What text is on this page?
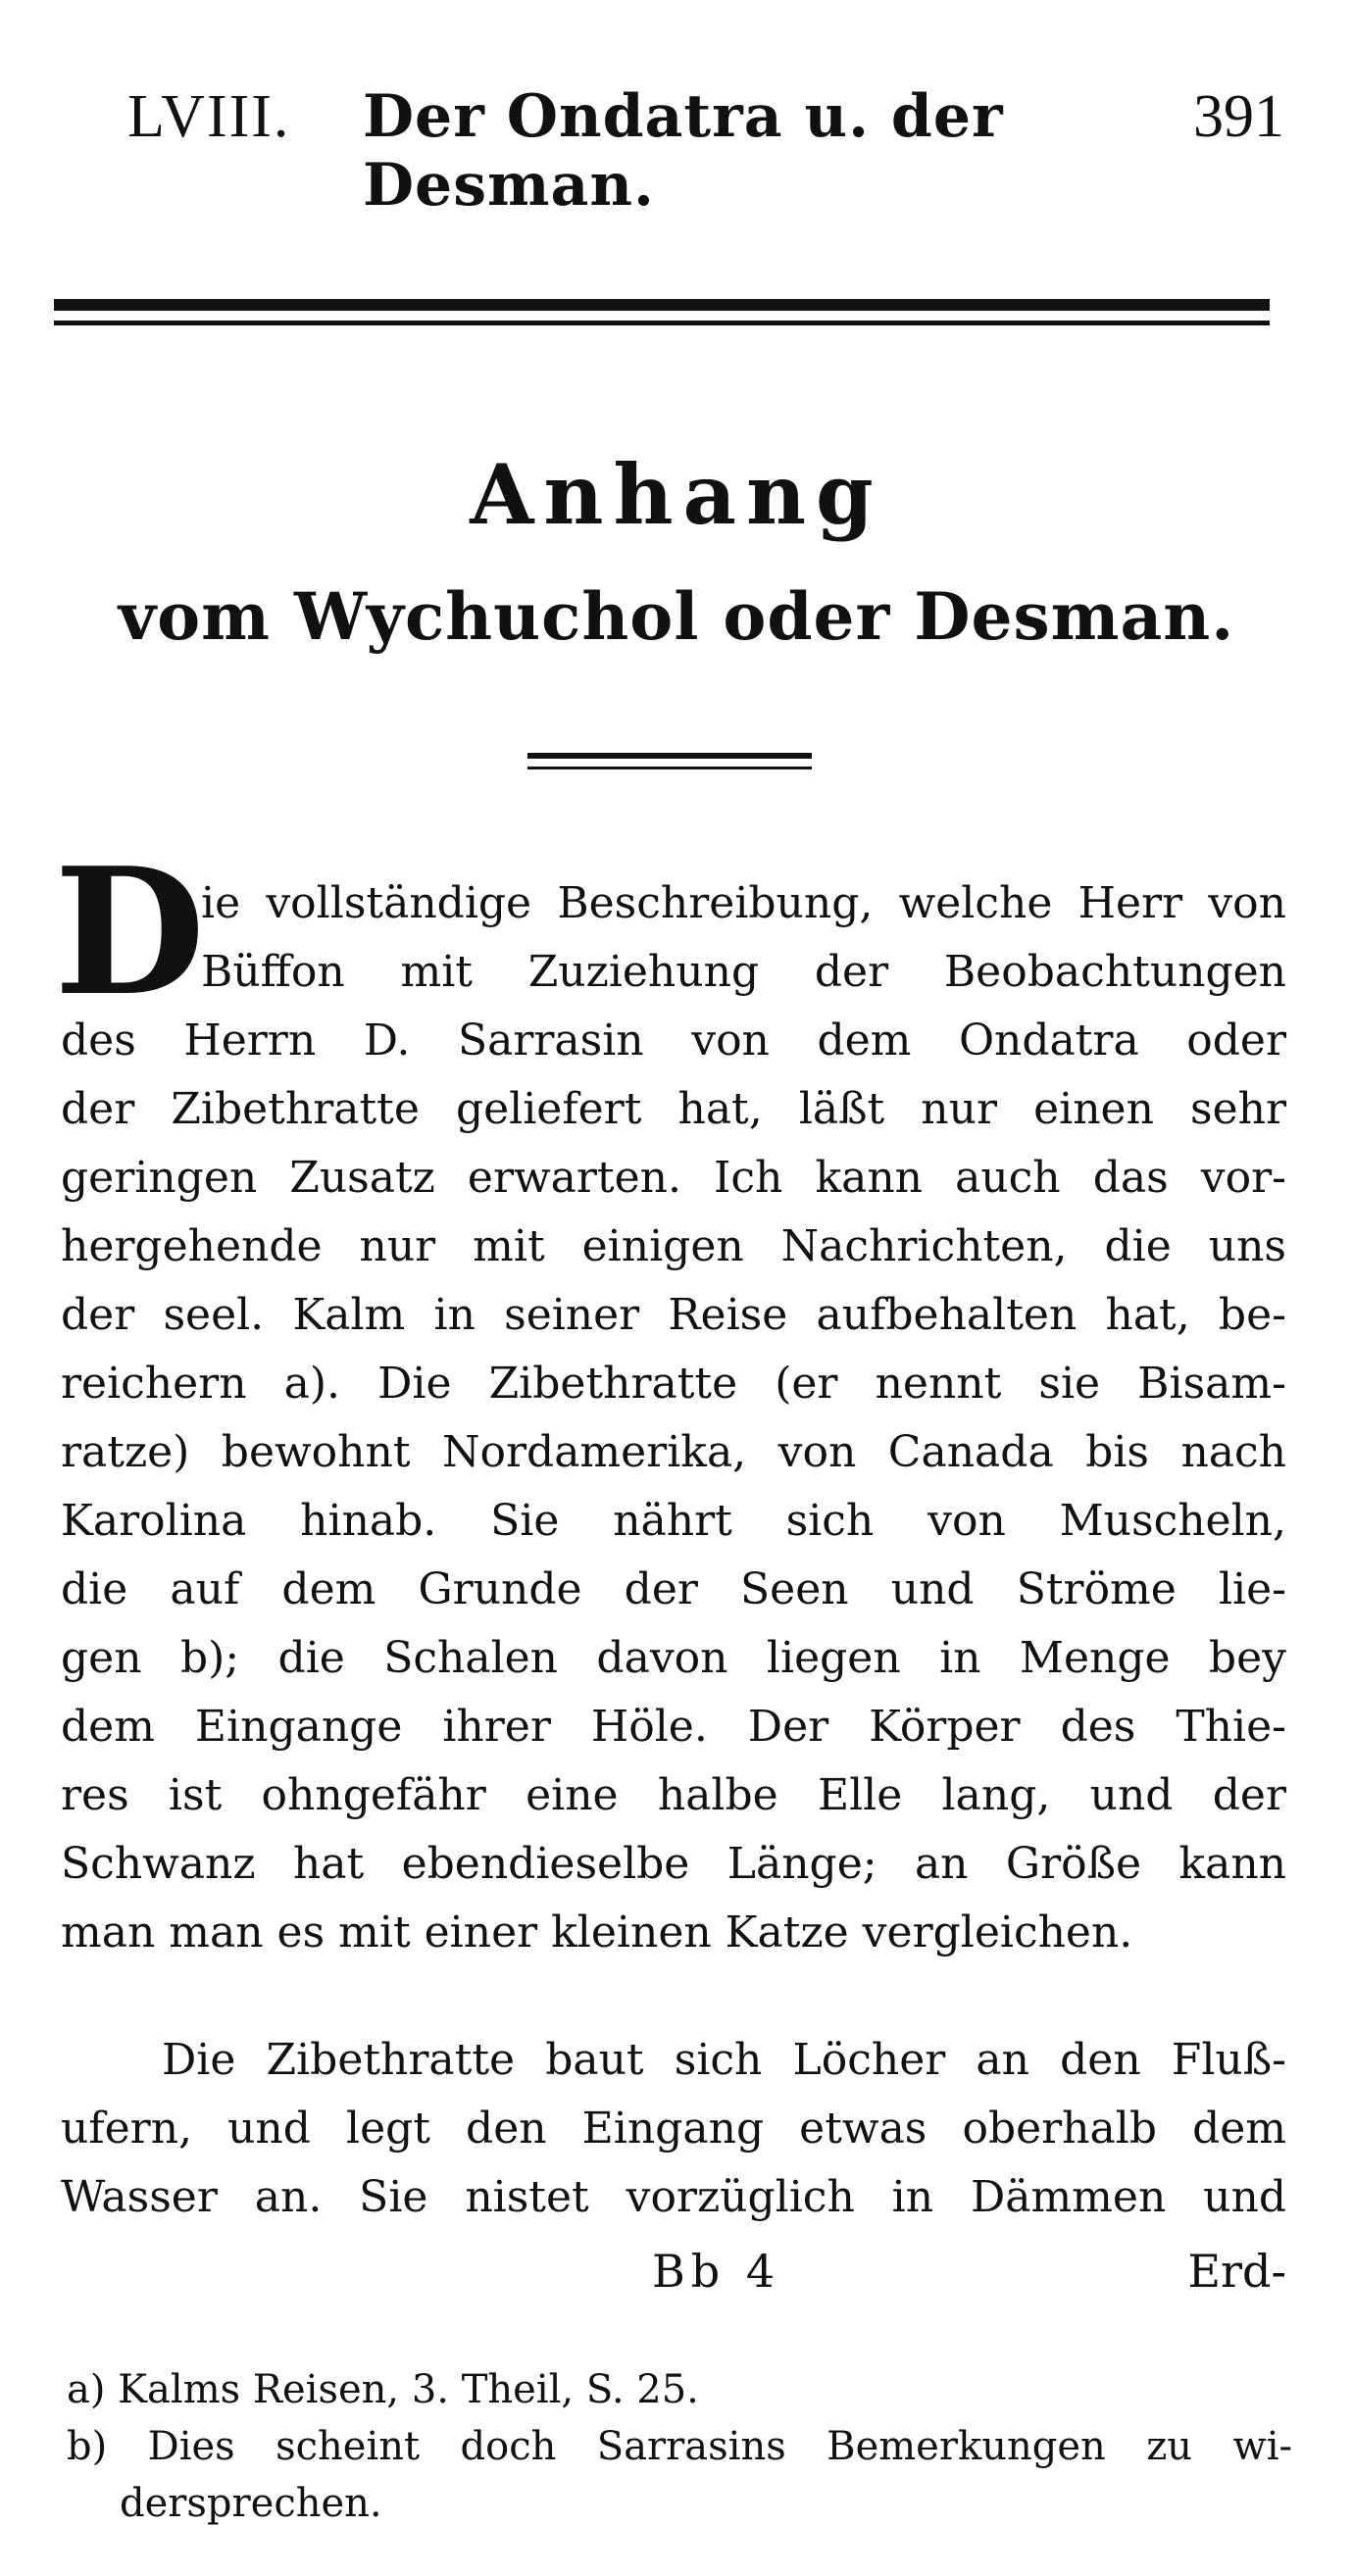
LVIII. Der Ondatra u. der Desman.
391
Anhang
vom Wychuchol oder Desman.
D
ie vollständige Beschreibung, welche Herr von
Büffon mit Zuziehung der Beobachtungen
des Herrn D. Sarrasin von dem Ondatra oder
der Zibethratte geliefert hat, läßt nur einen sehr
geringen Zusatz erwarten. Ich kann auch das vor-
hergehende nur mit einigen Nachrichten, die uns
der seel. Kalm in seiner Reise aufbehalten hat, be-
reichern a). Die Zibethratte (er nennt sie Bisam-
ratze) bewohnt Nordamerika, von Canada bis nach
Karolina hinab. Sie nährt sich von Muscheln,
die auf dem Grunde der Seen und Ströme lie-
gen b); die Schalen davon liegen in Menge bey
dem Eingange ihrer Höle. Der Körper des Thie-
res ist ohngefähr eine halbe Elle lang, und der
Schwanz hat ebendieselbe Länge; an Größe kann
man man es mit einer kleinen Katze vergleichen.
Die Zibethratte baut sich Löcher an den Fluß-
ufern, und legt den Eingang etwas oberhalb dem
Wasser an. Sie nistet vorzüglich in Dämmen und
Bb 4	Erd-
a) Kalms Reisen, 3. Theil, S. 25.
b) Dies scheint doch Sarrasins Bemerkungen zu wi-
dersprechen.
